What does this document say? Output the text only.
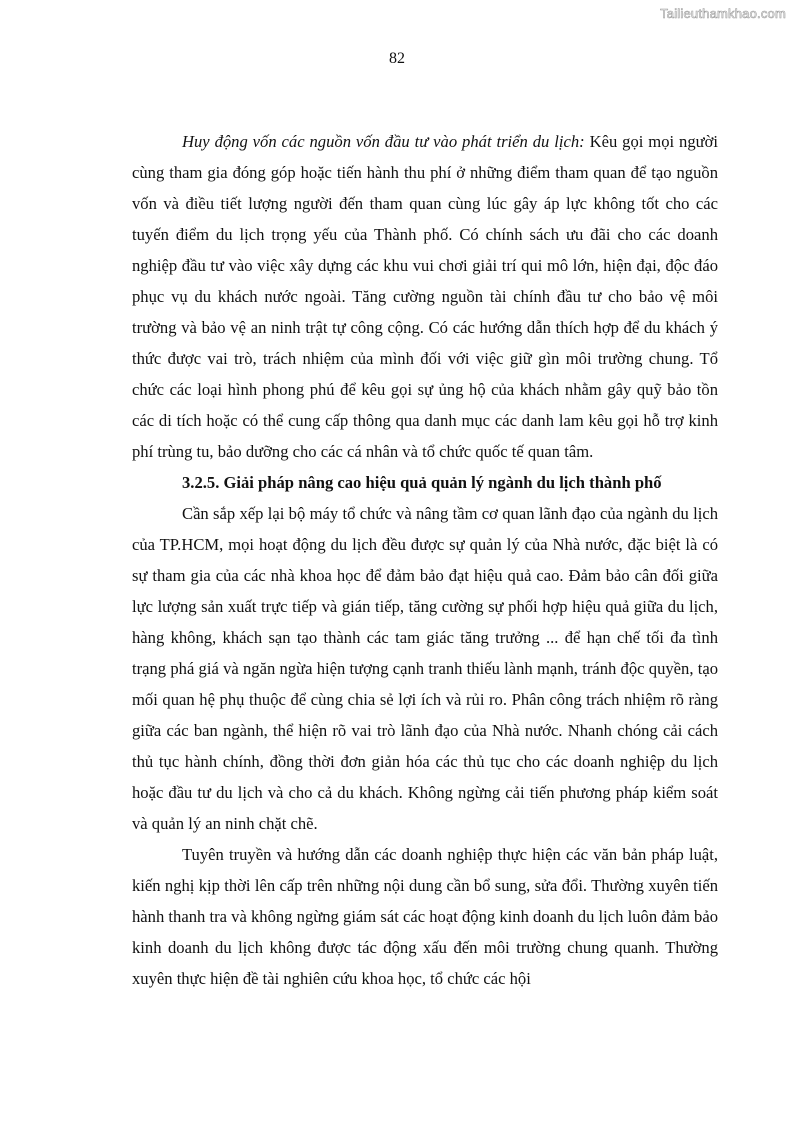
Tailieuthamkhao.com
82

Huy động vốn các nguồn vốn đầu tư vào phát triển du lịch: Kêu gọi mọi người cùng tham gia đóng góp hoặc tiến hành thu phí ở những điểm tham quan để tạo nguồn vốn và điều tiết lượng người đến tham quan cùng lúc gây áp lực không tốt cho các tuyến điểm du lịch trọng yếu của Thành phố. Có chính sách ưu đãi cho các doanh nghiệp đầu tư vào việc xây dựng các khu vui chơi giải trí qui mô lớn, hiện đại, độc đáo phục vụ du khách nước ngoài. Tăng cường nguồn tài chính đầu tư cho bảo vệ môi trường và bảo vệ an ninh trật tự công cộng. Có các hướng dẫn thích hợp để du khách ý thức được vai trò, trách nhiệm của mình đối với việc giữ gìn môi trường chung. Tổ chức các loại hình phong phú để kêu gọi sự ủng hộ của khách nhằm gây quỹ bảo tồn các di tích hoặc có thể cung cấp thông qua danh mục các danh lam kêu gọi hỗ trợ kinh phí trùng tu, bảo dưỡng cho các cá nhân và tổ chức quốc tế quan tâm.

3.2.5. Giải pháp nâng cao hiệu quả quản lý ngành du lịch thành phố

Cần sắp xếp lại bộ máy tổ chức và nâng tầm cơ quan lãnh đạo của ngành du lịch của TP.HCM, mọi hoạt động du lịch đều được sự quản lý của Nhà nước, đặc biệt là có sự tham gia của các nhà khoa học để đảm bảo đạt hiệu quả cao. Đảm bảo cân đối giữa lực lượng sản xuất trực tiếp và gián tiếp, tăng cường sự phối hợp hiệu quả giữa du lịch, hàng không, khách sạn tạo thành các tam giác tăng trưởng ... để hạn chế tối đa tình trạng phá giá và ngăn ngừa hiện tượng cạnh tranh thiếu lành mạnh, tránh độc quyền, tạo mối quan hệ phụ thuộc để cùng chia sẻ lợi ích và rủi ro. Phân công trách nhiệm rõ ràng giữa các ban ngành, thể hiện rõ vai trò lãnh đạo của Nhà nước. Nhanh chóng cải cách thủ tục hành chính, đồng thời đơn giản hóa các thủ tục cho các doanh nghiệp du lịch hoặc đầu tư du lịch và cho cả du khách. Không ngừng cải tiến phương pháp kiểm soát và quản lý an ninh chặt chẽ.

Tuyên truyền và hướng dẫn các doanh nghiệp thực hiện các văn bản pháp luật, kiến nghị kịp thời lên cấp trên những nội dung cần bổ sung, sửa đổi. Thường xuyên tiến hành thanh tra và không ngừng giám sát các hoạt động kinh doanh du lịch luôn đảm bảo kinh doanh du lịch không được tác động xấu đến môi trường chung quanh. Thường xuyên thực hiện đề tài nghiên cứu khoa học, tổ chức các hội
